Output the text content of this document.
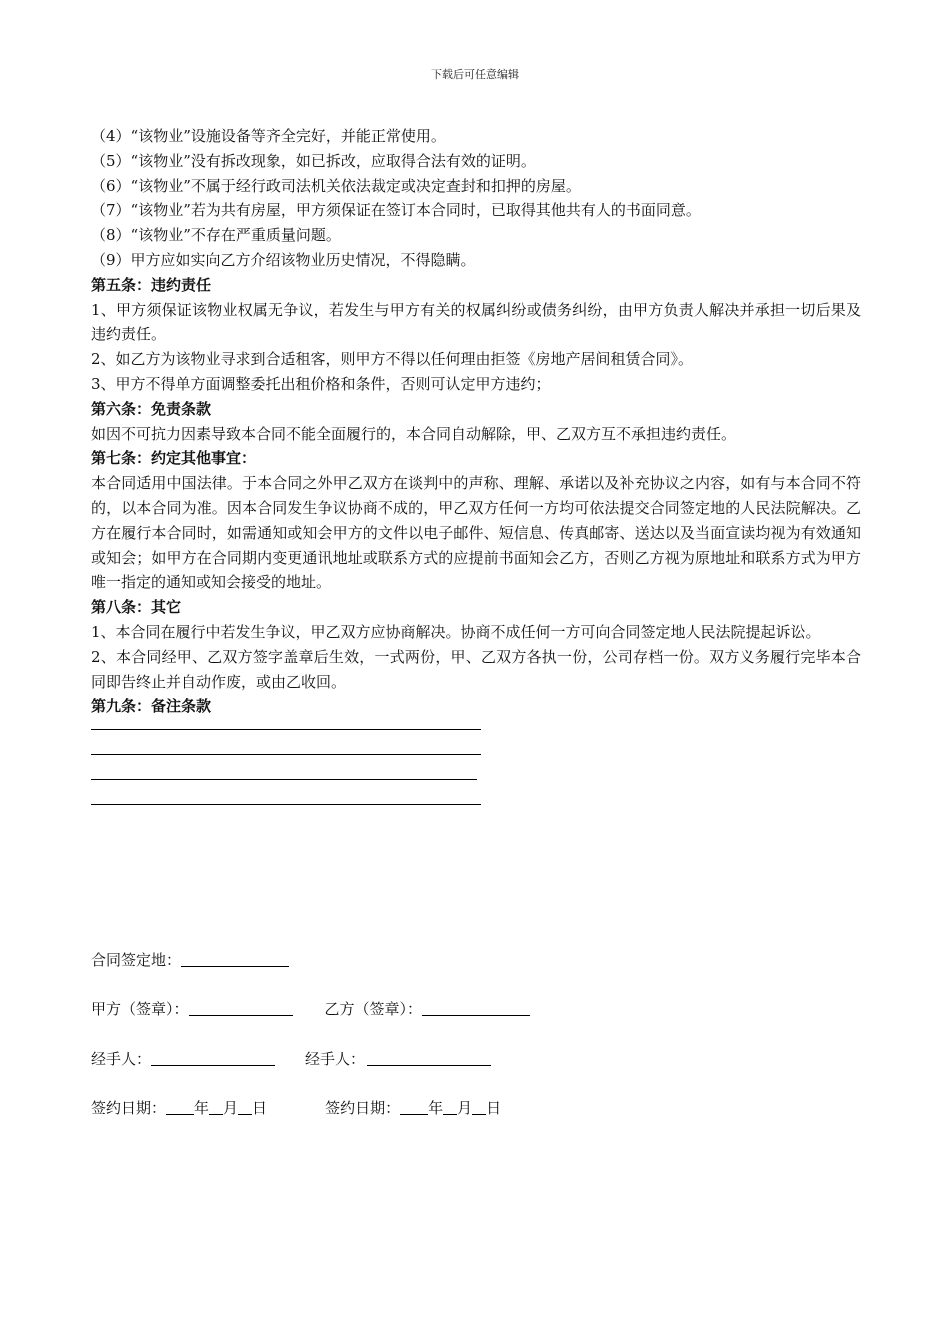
下载后可任意编辑
（4）“该物业”设施设备等齐全完好，并能正常使用。
（5）“该物业”没有拆改现象，如已拆改，应取得合法有效的证明。
（6）“该物业”不属于经行政司法机关依法裁定或决定查封和扣押的房屋。
（7）“该物业”若为共有房屋，甲方须保证在签订本合同时，已取得其他共有人的书面同意。
（8）“该物业”不存在严重质量问题。
（9）甲方应如实向乙方介绍该物业历史情况，不得隐瞒。
第五条：违约责任
1、甲方须保证该物业权属无争议，若发生与甲方有关的权属纠纷或债务纠纷，由甲方负责人解决并承担一切后果及违约责任。
2、如乙方为该物业寻求到合适租客，则甲方不得以任何理由拒签《房地产居间租赁合同》。
3、甲方不得单方面调整委托出租价格和条件，否则可认定甲方违约；
第六条：免责条款
如因不可抗力因素导致本合同不能全面履行的，本合同自动解除，甲、乙双方互不承担违约责任。
第七条：约定其他事宜：
本合同适用中国法律。于本合同之外甲乙双方在谈判中的声称、理解、承诺以及补充协议之内容，如有与本合同不符的，以本合同为准。因本合同发生争议协商不成的，甲乙双方任何一方均可依法提交合同签定地的人民法院解决。乙方在履行本合同时，如需通知或知会甲方的文件以电子邮件、短信息、传真邮寄、送达以及当面宣读均视为有效通知或知会；如甲方在合同期内变更通讯地址或联系方式的应提前书面知会乙方，否则乙方视为原地址和联系方式为甲方唯一指定的通知或知会接受的地址。
第八条：其它
1、本合同在履行中若发生争议，甲乙双方应协商解决。协商不成任何一方可向合同签定地人民法院提起诉讼。
2、本合同经甲、乙双方签字盖章后生效，一式两份，甲、乙双方各执一份，公司存档一份。双方义务履行完毕本合同即告终止并自动作废，或由乙收回。
第九条：备注条款
合同签定地：
甲方（签章）：	乙方（签章）：
经手人：	经手人：
签约日期： 年 月 日	签约日期： 年 月 日
